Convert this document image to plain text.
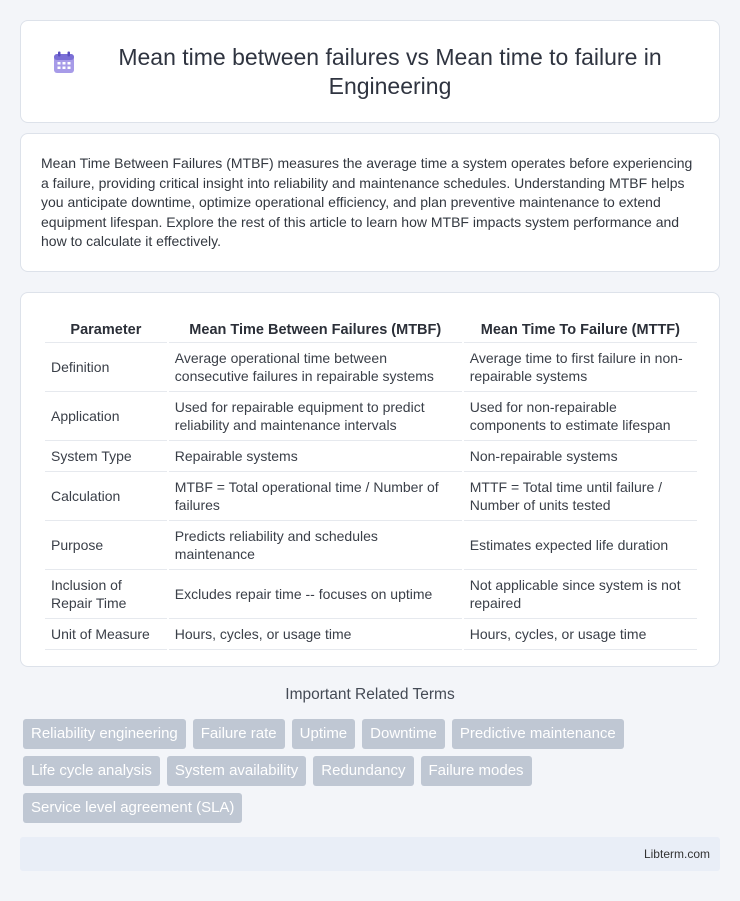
Mean time between failures vs Mean time to failure in Engineering

Mean Time Between Failures (MTBF) measures the average time a system operates before experiencing a failure, providing critical insight into reliability and maintenance schedules. Understanding MTBF helps you anticipate downtime, optimize operational efficiency, and plan preventive maintenance to extend equipment lifespan. Explore the rest of this article to learn how MTBF impacts system performance and how to calculate it effectively.

Parameter	Mean Time Between Failures (MTBF)	Mean Time To Failure (MTTF)
Definition	Average operational time between consecutive failures in repairable systems	Average time to first failure in non-repairable systems
Application	Used for repairable equipment to predict reliability and maintenance intervals	Used for non-repairable components to estimate lifespan
System Type	Repairable systems	Non-repairable systems
Calculation	MTBF = Total operational time / Number of failures	MTTF = Total time until failure / Number of units tested
Purpose	Predicts reliability and schedules maintenance	Estimates expected life duration
Inclusion of Repair Time	Excludes repair time -- focuses on uptime	Not applicable since system is not repaired
Unit of Measure	Hours, cycles, or usage time	Hours, cycles, or usage time
Important Related Terms
Reliability engineering	Failure rate	Uptime	Downtime	Predictive maintenance
Life cycle analysis	System availability	Redundancy	Failure modes
Service level agreement (SLA)
Libterm.com
